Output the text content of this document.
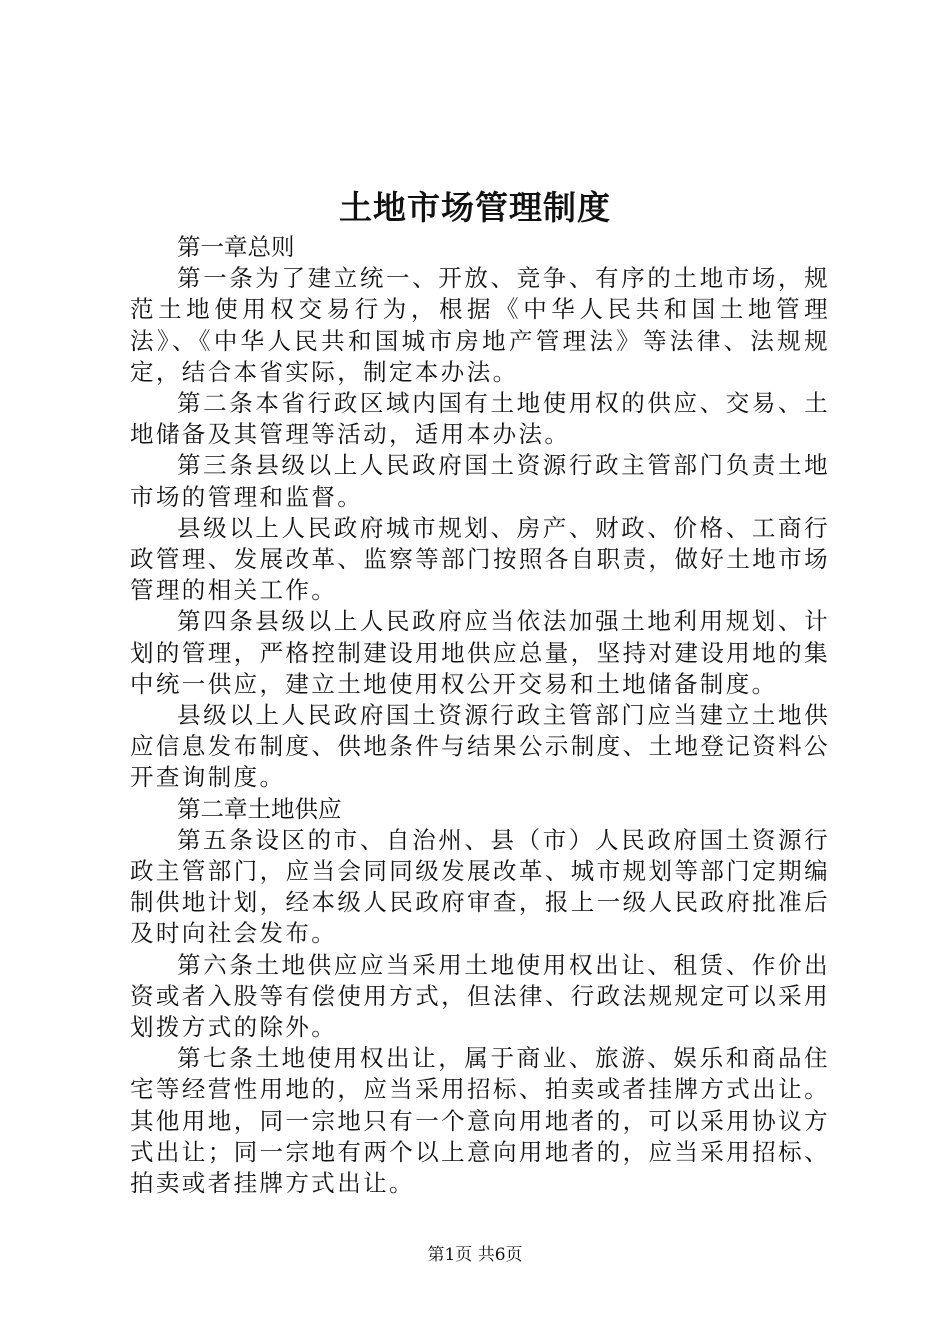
土地市场管理制度

第一章总则

第一条为了建立统一、开放、竞争、有序的土地市场，规范土地使用权交易行为，根据《中华人民共和国土地管理法》、《中华人民共和国城市房地产管理法》等法律、法规规定，结合本省实际，制定本办法。

第二条本省行政区域内国有土地使用权的供应、交易、土地储备及其管理等活动，适用本办法。

第三条县级以上人民政府国土资源行政主管部门负责土地市场的管理和监督。

县级以上人民政府城市规划、房产、财政、价格、工商行政管理、发展改革、监察等部门按照各自职责，做好土地市场管理的相关工作。

第四条县级以上人民政府应当依法加强土地利用规划、计划的管理，严格控制建设用地供应总量，坚持对建设用地的集中统一供应，建立土地使用权公开交易和土地储备制度。

县级以上人民政府国土资源行政主管部门应当建立土地供应信息发布制度、供地条件与结果公示制度、土地登记资料公开查询制度。

第二章土地供应

第五条设区的市、自治州、县（市）人民政府国土资源行政主管部门，应当会同同级发展改革、城市规划等部门定期编制供地计划，经本级人民政府审查，报上一级人民政府批准后及时向社会发布。

第六条土地供应应当采用土地使用权出让、租赁、作价出资或者入股等有偿使用方式，但法律、行政法规规定可以采用划拨方式的除外。

第七条土地使用权出让，属于商业、旅游、娱乐和商品住宅等经营性用地的，应当采用招标、拍卖或者挂牌方式出让。其他用地，同一宗地只有一个意向用地者的，可以采用协议方式出让；同一宗地有两个以上意向用地者的，应当采用招标、拍卖或者挂牌方式出让。

第1页 共6页
